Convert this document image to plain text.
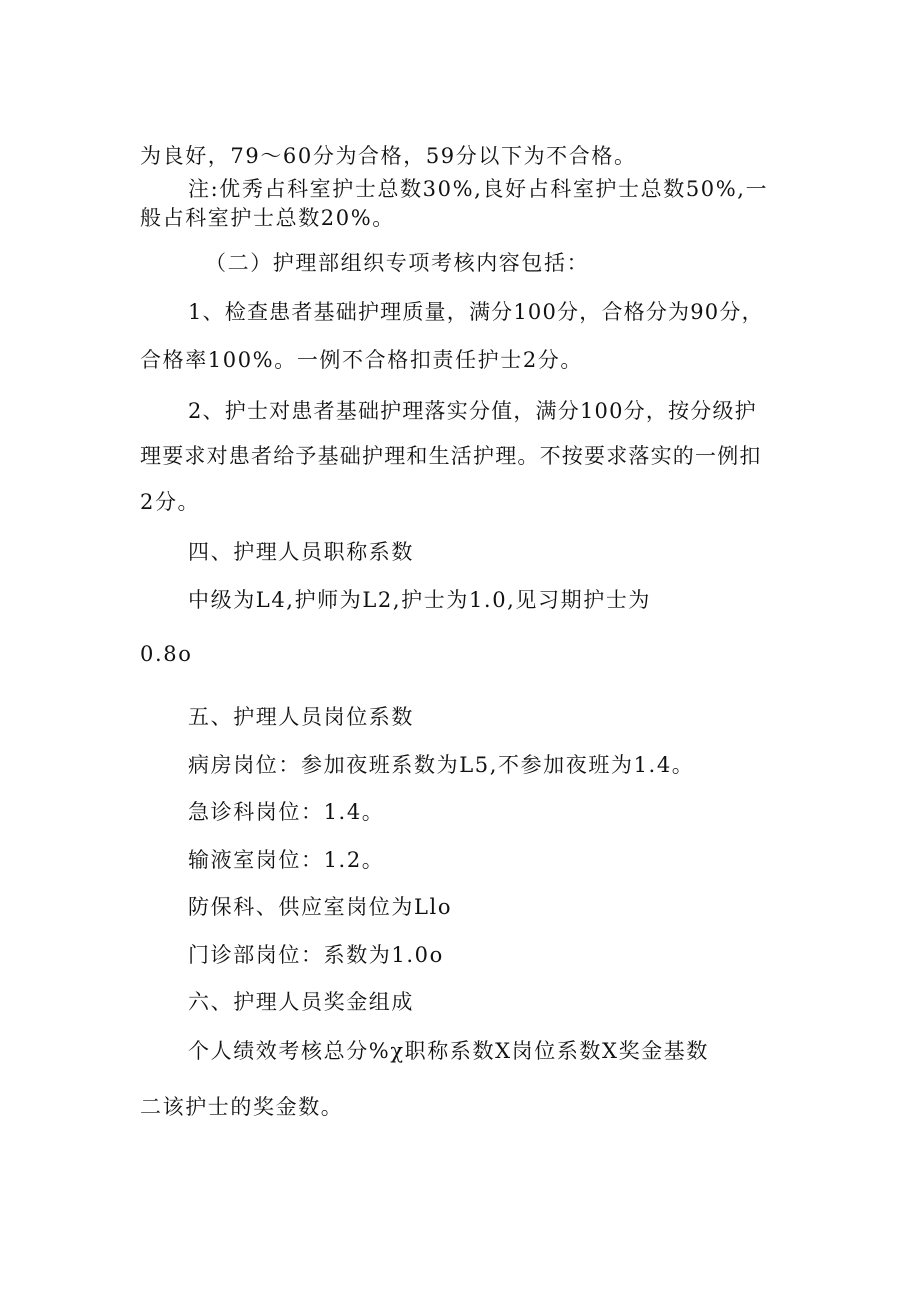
为良好，79～60分为合格，59分以下为不合格。
注:优秀占科室护士总数30%,良好占科室护士总数50%,一
般占科室护士总数20%。
（二）护理部组织专项考核内容包括：
1、检查患者基础护理质量，满分100分，合格分为90分，
合格率100%。一例不合格扣责任护士2分。
2、护士对患者基础护理落实分值，满分100分，按分级护
理要求对患者给予基础护理和生活护理。不按要求落实的一例扣
2分。
四、护理人员职称系数
中级为L4,护师为L2,护士为1.0,见习期护士为
0.8o
五、护理人员岗位系数
病房岗位：参加夜班系数为L5,不参加夜班为1.4。
急诊科岗位：1.4。
输液室岗位：1.2。
防保科、供应室岗位为Llo
门诊部岗位：系数为1.0o
六、护理人员奖金组成
个人绩效考核总分%χ职称系数X岗位系数X奖金基数
二该护士的奖金数。
